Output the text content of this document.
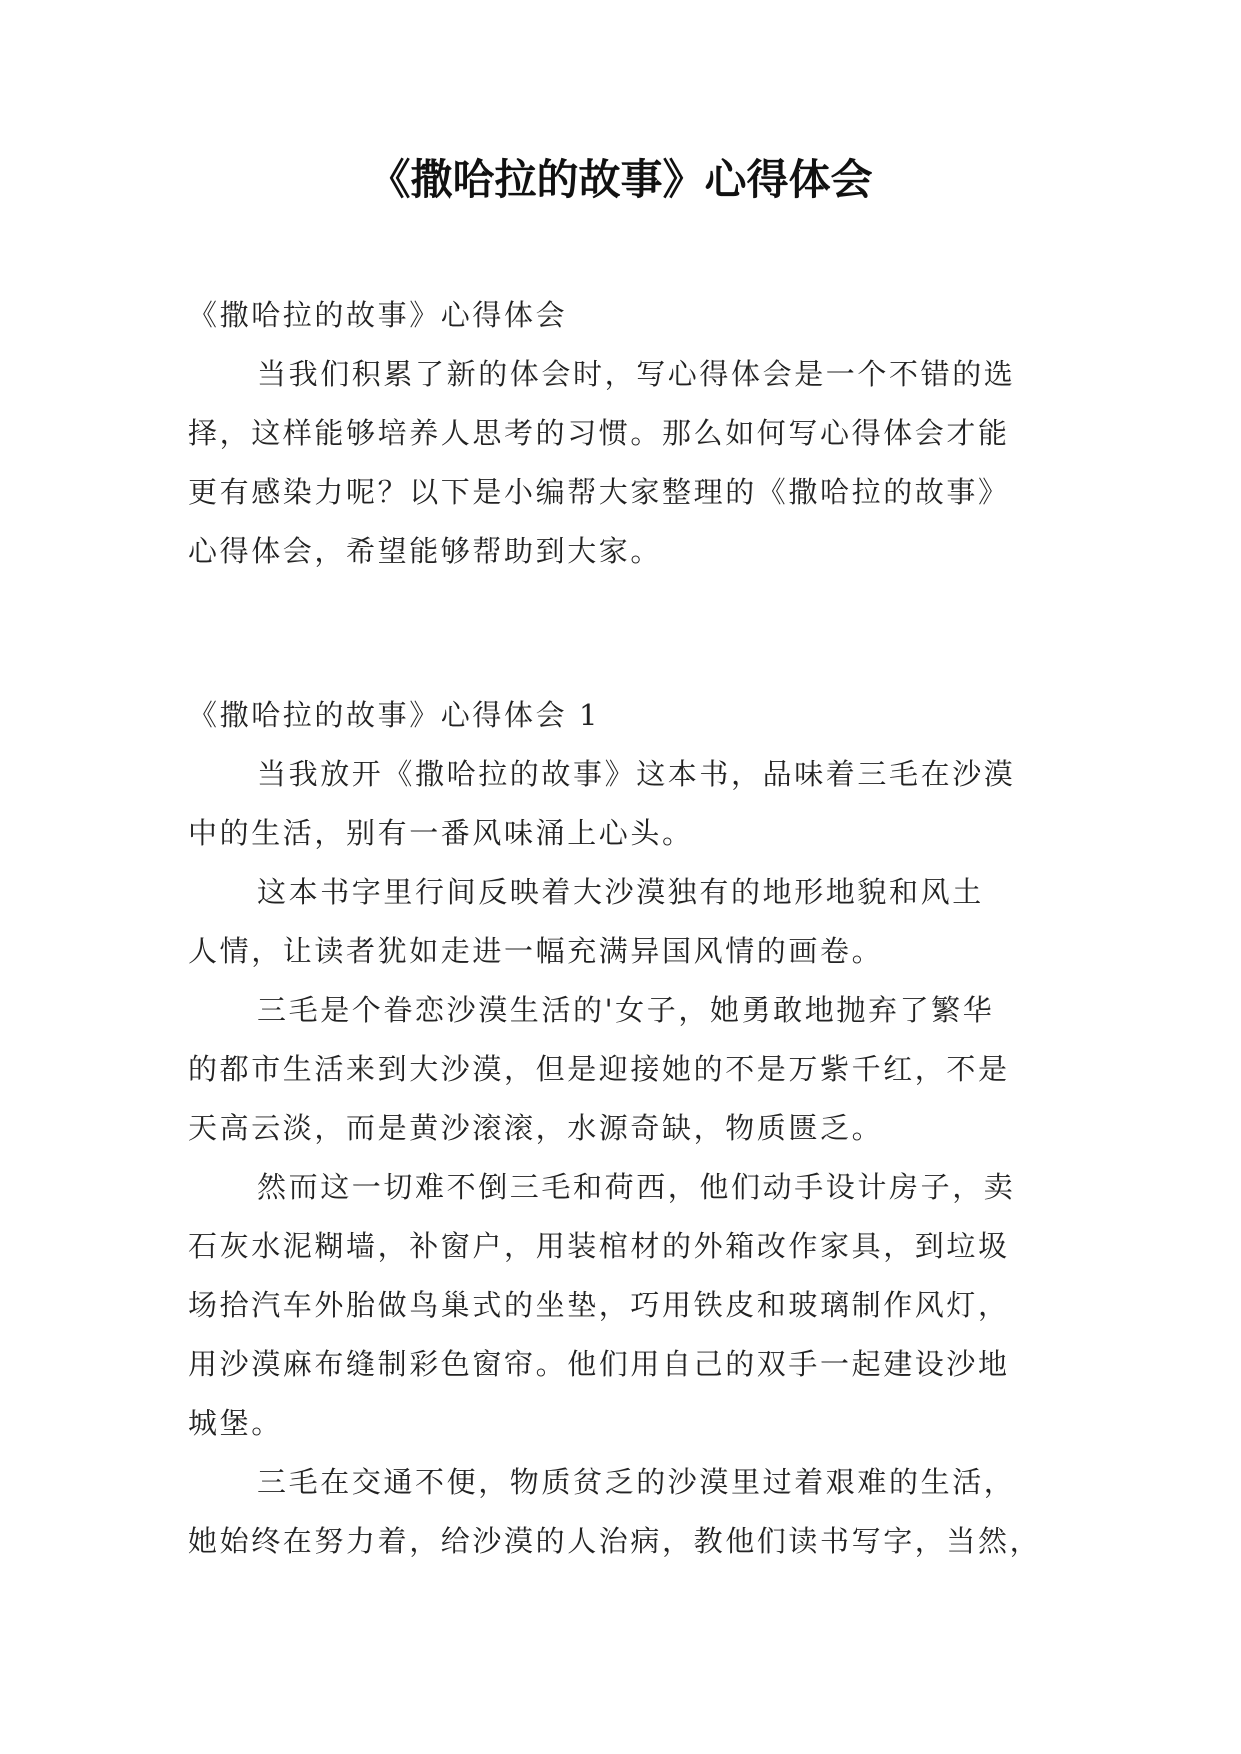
《撒哈拉的故事》心得体会

《撒哈拉的故事》心得体会

当我们积累了新的体会时，写心得体会是一个不错的选

择，这样能够培养人思考的习惯。那么如何写心得体会才能

更有感染力呢？以下是小编帮大家整理的《撒哈拉的故事》

心得体会，希望能够帮助到大家。

《撒哈拉的故事》心得体会 1

当我放开《撒哈拉的故事》这本书，品味着三毛在沙漠

中的生活，别有一番风味涌上心头。

这本书字里行间反映着大沙漠独有的地形地貌和风土

人情，让读者犹如走进一幅充满异国风情的画卷。

三毛是个眷恋沙漠生活的'女子，她勇敢地抛弃了繁华

的都市生活来到大沙漠，但是迎接她的不是万紫千红，不是

天高云淡，而是黄沙滚滚，水源奇缺，物质匮乏。

然而这一切难不倒三毛和荷西，他们动手设计房子，卖

石灰水泥糊墙，补窗户，用装棺材的外箱改作家具，到垃圾

场拾汽车外胎做鸟巢式的坐垫，巧用铁皮和玻璃制作风灯，

用沙漠麻布缝制彩色窗帘。他们用自己的双手一起建设沙地

城堡。

三毛在交通不便，物质贫乏的沙漠里过着艰难的生活，

她始终在努力着，给沙漠的人治病，教他们读书写字，当然，
